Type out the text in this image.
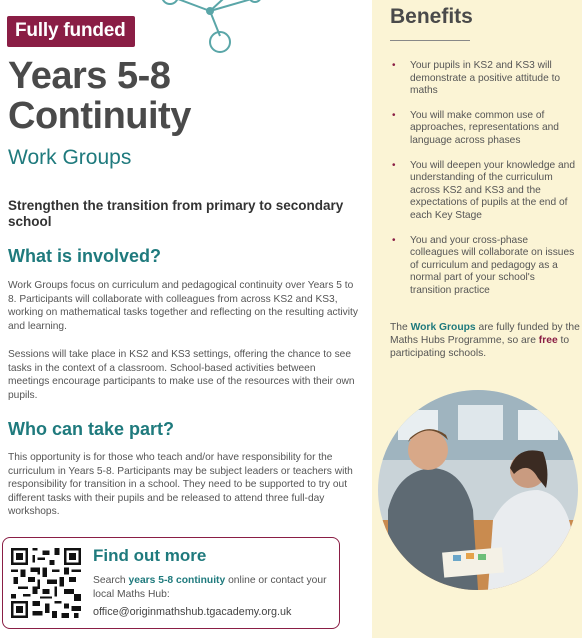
Fully funded
Years 5-8
Continuity
Work Groups
Strengthen the transition from primary to secondary school
What is involved?
Work Groups focus on curriculum and pedagogical continuity over Years 5 to 8. Participants will collaborate with colleagues from across KS2 and KS3, working on mathematical tasks together and reflecting on the resulting activity and learning.
Sessions will take place in KS2 and KS3 settings, offering the chance to see tasks in the context of a classroom. School-based activities between meetings encourage participants to make use of the resources with their own pupils.
Who can take part?
This opportunity is for those who teach and/or have responsibility for the curriculum in Years 5-8. Participants may be subject leaders or teachers with responsibility for transition in a school. They need to be supported to try out different tasks with their pupils and be released to attend three full-day workshops.
Find out more
Search years 5-8 continuity online or contact your local Maths Hub:
office@originmathshub.tgacademy.org.uk
Benefits
• Your pupils in KS2 and KS3 will demonstrate a positive attitude to maths
• You will make common use of approaches, representations and language across phases
• You will deepen your knowledge and understanding of the curriculum across KS2 and KS3 and the expectations of pupils at the end of each Key Stage
• You and your cross-phase colleagues will collaborate on issues of curriculum and pedagogy as a normal part of your school's transition practice
The Work Groups are fully funded by the Maths Hubs Programme, so are free to participating schools.
